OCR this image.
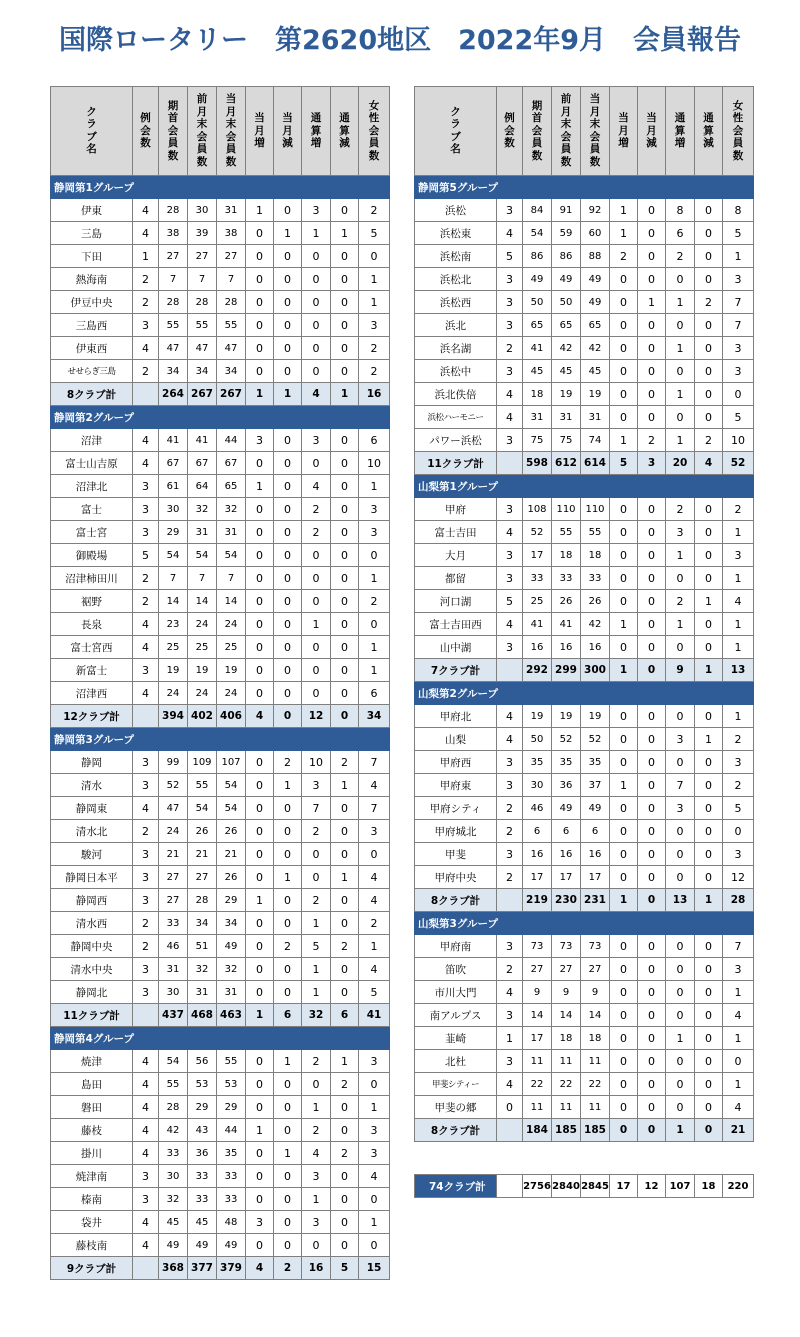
国際ロータリー　第2620地区　2022年9月　会員報告
クラブ名	例会数	期首会員数	前月末会員数	当月末会員数	当月増	当月減	通算増	通算減	女性会員数
静岡第1グループ									
伊東	4	28	30	31	1	0	3	0	2
三島	4	38	39	38	0	1	1	1	5
下田	1	27	27	27	0	0	0	0	0
熱海南	2	7	7	7	0	0	0	0	1
伊豆中央	2	28	28	28	0	0	0	0	1
三島西	3	55	55	55	0	0	0	0	3
伊東西	4	47	47	47	0	0	0	0	2
せせらぎ三島	2	34	34	34	0	0	0	0	2
8クラブ計		264	267	267	1	1	4	1	16
静岡第2グループ									
沼津	4	41	41	44	3	0	3	0	6
富士山吉原	4	67	67	67	0	0	0	0	10
沼津北	3	61	64	65	1	0	4	0	1
富士	3	30	32	32	0	0	2	0	3
富士宮	3	29	31	31	0	0	2	0	3
御殿場	5	54	54	54	0	0	0	0	0
沼津柿田川	2	7	7	7	0	0	0	0	1
裾野	2	14	14	14	0	0	0	0	2
長泉	4	23	24	24	0	0	1	0	0
富士宮西	4	25	25	25	0	0	0	0	1
新富士	3	19	19	19	0	0	0	0	1
沼津西	4	24	24	24	0	0	0	0	6
12クラブ計		394	402	406	4	0	12	0	34
静岡第3グループ									
静岡	3	99	109	107	0	2	10	2	7
清水	3	52	55	54	0	1	3	1	4
静岡東	4	47	54	54	0	0	7	0	7
清水北	2	24	26	26	0	0	2	0	3
駿河	3	21	21	21	0	0	0	0	0
静岡日本平	3	27	27	26	0	1	0	1	4
静岡西	3	27	28	29	1	0	2	0	4
清水西	2	33	34	34	0	0	1	0	2
静岡中央	2	46	51	49	0	2	5	2	1
清水中央	3	31	32	32	0	0	1	0	4
静岡北	3	30	31	31	0	0	1	0	5
11クラブ計		437	468	463	1	6	32	6	41
静岡第4グループ									
焼津	4	54	56	55	0	1	2	1	3
島田	4	55	53	53	0	0	0	2	0
磐田	4	28	29	29	0	0	1	0	1
藤枝	4	42	43	44	1	0	2	0	3
掛川	4	33	36	35	0	1	4	2	3
焼津南	3	30	33	33	0	0	3	0	4
榛南	3	32	33	33	0	0	1	0	0
袋井	4	45	45	48	3	0	3	0	1
藤枝南	4	49	49	49	0	0	0	0	0
9クラブ計		368	377	379	4	2	16	5	15
クラブ名	例会数	期首会員数	前月末会員数	当月末会員数	当月増	当月減	通算増	通算減	女性会員数
静岡第5グループ									
浜松	3	84	91	92	1	0	8	0	8
浜松東	4	54	59	60	1	0	6	0	5
浜松南	5	86	86	88	2	0	2	0	1
浜松北	3	49	49	49	0	0	0	0	3
浜松西	3	50	50	49	0	1	1	2	7
浜北	3	65	65	65	0	0	0	0	7
浜名湖	2	41	42	42	0	0	1	0	3
浜松中	3	45	45	45	0	0	0	0	3
浜北佚倍	4	18	19	19	0	0	1	0	0
浜松ハーモニー	4	31	31	31	0	0	0	0	5
パワー浜松	3	75	75	74	1	2	1	2	10
11クラブ計		598	612	614	5	3	20	4	52
山梨第1グループ									
甲府	3	108	110	110	0	0	2	0	2
富士吉田	4	52	55	55	0	0	3	0	1
大月	3	17	18	18	0	0	1	0	3
都留	3	33	33	33	0	0	0	0	1
河口湖	5	25	26	26	0	0	2	1	4
富士吉田西	4	41	41	42	1	0	1	0	1
山中湖	3	16	16	16	0	0	0	0	1
7クラブ計		292	299	300	1	0	9	1	13
山梨第2グループ									
甲府北	4	19	19	19	0	0	0	0	1
山梨	4	50	52	52	0	0	3	1	2
甲府西	3	35	35	35	0	0	0	0	3
甲府東	3	30	36	37	1	0	7	0	2
甲府シティ	2	46	49	49	0	0	3	0	5
甲府城北	2	6	6	6	0	0	0	0	0
甲斐	3	16	16	16	0	0	0	0	3
甲府中央	2	17	17	17	0	0	0	0	12
8クラブ計		219	230	231	1	0	13	1	28
山梨第3グループ									
甲府南	3	73	73	73	0	0	0	0	7
笛吹	2	27	27	27	0	0	0	0	3
市川大門	4	9	9	9	0	0	0	0	1
南アルプス	3	14	14	14	0	0	0	0	4
韮崎	1	17	18	18	0	0	1	0	1
北杜	3	11	11	11	0	0	0	0	0
甲斐シティー	4	22	22	22	0	0	0	0	1
甲斐の郷	0	11	11	11	0	0	0	0	4
8クラブ計		184	185	185	0	0	1	0	21
74クラブ計		2756	2840	2845	17	12	107	18	220
